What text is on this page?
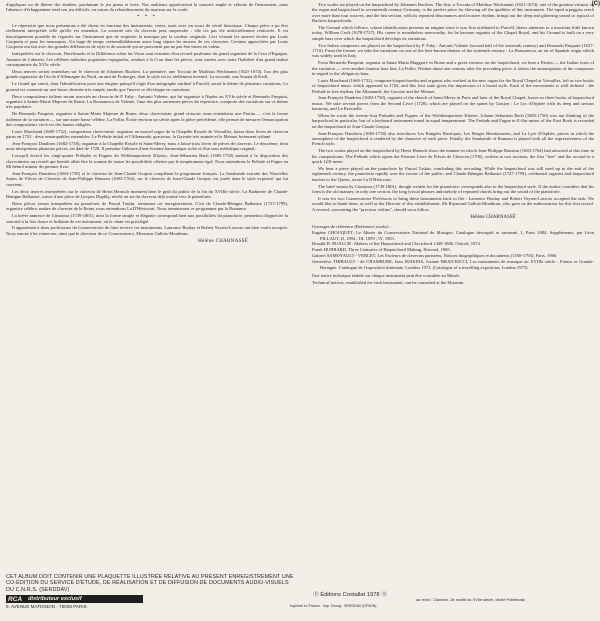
(C)

d'appliquer ou de libérer des doubles, produisant le jeu piano et forte. Nos auditeurs apprécieront la sonorité ample et véloute de l'instrument, mais l'absence d'échappement rend son jeu difficile, en raison du rebondissement du marteau sur la corde.

* * *

Le répertoire que nous présentons a été choisi en fonction des instruments, certes, mais avec un souci de vérité historique. Chaque pièce a pu être réellement interprétée telle qu'elle est entendue. La sonorité très du clavecin peut surprendre : elle n'a pas été artificiellement renforcée. Il est historiquement possible de regarder sur l'instrument que de respecter la musique par la couleur originale. Ceci s'ensuit les œuvres écrites par Louis Couperin et pour les monarques. Un large de temps vraisemblablement assez long sépare les œuvres de ces clavecins. Certains approchées par Louis Couperin ont fait avec des grandes différences de style et de sonorité qui ne pouvaient pas ne pas être mises en valeur.

Interprétées sur le clavecin, Duréfmaolo et la Différence sobre las Vacas sont extraites d'un recueil posthume du grand organiste de la Cour d'Espagne, Antonio de Cabezón. Les célèbres mélodies populaires espagnoles, rendues à la Cour dans les pièces, sont variées avec toute l'habileté d'un grand maître contrapuntiste du XVIe siècle.

Deux œuvres seront entendues sur le clavecin de Johannes Ruckers. La première, une Toccata de Matthias Weckmann (1621-1674), l'un des plus grands organistes de l'école d'Allemagne du Nord, un ami de Froberger, dont le style est ici réellement inventif. La seconde, une Sonata di Kerll.

Le Grand qui suivit, dont l'identification pose une énigme puisqu'il s'agit d'un autographe attribué à Purcell, serait le thème de plusieurs variations. Le ground est construit sur une basse obstinée très simple, tandis que l'œuvre se développe en variations.

Deux compositeurs italiens seront associés au clavecin de P. Faby : Antonio Valente, qui fut organiste à Naples au XVIe siècle et Bernardo Pasquini, organiste à Sainte-Marie Majeure de Rome. La Romanesca de Valente, l'une des plus anciennes pièces du répertoire, comporte des variations sur ce thème très populaire.

De Bernardo Pasquini, organiste à Sainte-Marie Majeure de Rome, deux claveciniste, grand virtuose, nous entendrons une Partita — c'est la forme italienne de la variation — sur une autre basse célèbre, La Follia. Écrite environ un siècle après la pièce précédente, elle permet de mesurer l'émancipation des compositeurs vis-à-vis des basses obligées.

Louis Marchand (1669-1732), compositeur claveciniste, organiste au nouvel orgue de la Chapelle Royale de Versailles, laissa deux livres de clavecin parus en 1702 : deux remarquables ensembles. Le Prélude initial et l'Allemande, gracieuse, la Gavotte très animée et le Menuet fortement rythmé.

Jean-François Dandrieu (1682-1738), organiste à la Chapelle Royale et Saint-Merry, nous a laissé trois livres de pièces de clavecin. Le deuxième, dont nous interprétons plusieurs pièces, est daté de 1728. Il présente l'alliance d'une écriture harmonique riche et d'un sens mélodique original.

Lorsqu'il écrivit les vingt-quatre Préludes et Fugues du Wohltemperierte Klavier, Jean-Sébastien Bach (1685-1750) mettait à la disposition des clavecinistes un recueil qui bientôt allait être la somme de toutes les possibilités offertes par le tempérament égal. Nous entendrons le Prélude et Fugue en Mi bémol mineur du premier livre.

Jean-François Dandrieu (1684-1738) et le clavecin de Jean-Claude Goujon complètent le programme français. La Sarabande extraite des Nouvelles Suites de Pièces de Clavecin de Jean-Philippe Rameau (1683-1764), sur le clavecin de Jean-Claude Goujon, est jouée dans le style expressif qui lui convient.

Les deux œuvres interprétées sur le clavecin de Henri Hemsch montrent bien le goût du public de la fin du XVIIIe siècle. La Badinerie de Claude-Bénigne Balbastre, suivie d'une pièce de Jacques Duphly, révèle un art du clavecin déjà tourné vers le pianoforte.

Deux pièces seront interprétées au pianoforte de Pascal Taskin, terminant cet enregistrement. C'est de Claude-Bénigne Balbastre (1727-1799), organiste célèbre, maître de clavecin de la Reine, nous entendrons La D'Héricourt. Nous terminerons ce programme par la Romance.

La brève annonce de Cimarosa (1749-1801), dont la forme simple et élégante correspond bien aux possibilités du pianoforte, permettra d'apprécier la sonorité à la fois douce et brillante de cet instrument, où le chant est privilégié.

Il appartenait à deux professeurs du Conservatoire de faire revivre ces instruments. Laurence Boulay et Robert Veyron-Lacroix ont bien voulu accepter. Nous tenons à les remercier, ainsi que le directeur de ce Conservatoire, Monsieur Gallois-Montbrun.

Hélène CHARNASSÉ

Two works are played on the harpsichord by Johannes Ruckers. The first, a Toccata of Matthias Weckmann (1621-1674), one of the greatest virtuosi on the organ and harpsichord in seventeenth century Germany, is the perfect piece for showing off the qualities of this instrument. The rapid arpeggios reach over more than four octaves, and the fast section, with its repeated dissonances and incisive rhythm, brings out the deep and glittering sound so typical of Ruckers harpsichords.

The Ground which follows, whose identification presents an enigma since it was first attributed to Purcell, draws attention to a musician little known today, William Croft (1678-1727). His career is nonetheless noteworthy, for he became organist of the Chapel Royal, and his Ground is built on a very simple bass over which the harpsichord develops its variations.

Two Italian composers are played on the harpsichord by P. Faby : Antonio Valente (second half of the sixteenth century) and Bernardo Pasquini (1637-1710). From the former, we take the variations on one of the best-known themes of the sixteenth century : La Romanesca, an air of Spanish origin which was widely used in Italy.

From Bernardo Pasquini, organist at Santa Maria Maggiore in Rome and a great virtuoso on the harpsichord, we hear a Partita — the Italian form of the variation — over another famous bass line, La Follia. Written about one century after the preceding piece, it shows the emancipation of the composers in regard to the obligatory bass.

Louis Marchand (1669-1732), composer-harpsichordist and organist who worked at the new organ for the Royal Chapel at Versailles, left us two books of harpsichord music which appeared in 1702, and this first suite gives the impression of a broad style. Each of the movements is well defined : the Prelude in free rhythm, the Allemande, the Gavotte and the Menuet.

Jean-François Dandrieu (1682-1738), organist of the church of Saint-Merry in Paris and later of the Royal Chapel, leaves us three books of harpsichord music. We take several pieces from the Second Livre (1728), which are played on the spinet by Goujon : Le Lys d'Orphée with its deep and serious harmony, and La Pastorelle.

When he wrote the twenty-four Preludes and Fugues of the Wohltemperierte Klavier, Johann Sebastian Bach (1685-1750) was not thinking of the harpsichord in particular, but of a keyboard instrument tuned in equal temperament. The Prelude and Fugue in E-flat minor of the First Book is recorded on the harpsichord of Jean-Claude Goujon.

Jean-François Dandrieu (1683-1738) also introduces Les Rangées Rustiques, Les Berges Bienfaisantes, and La Lyre d'Orphée, pieces in which the atmosphere of the harpsichord is rendered by the character of each piece. Finally, the Sarabande of Rameau is played with all the expressiveness of the French style.

The two works played on the harpsichord by Henri Hemsch show the manner in which Jean-Philippe Rameau (1683-1764) had attracted at this time in his compositions. The Prélude which opens the Premier Livre de Pièces de Clavecin (1706), written in two sections, the first "free" and the second in a quick 12/8 meter.

We hear a piece played on the pianoforte by Pascal Taskin, concluding this recording. While the harpsichord was still used up to the end of the eighteenth century, the pianoforte rapidly won the favour of the public, and Claude-Bénigne Balbastre (1727-1799), celebrated organist and harpsichord teacher to the Queen, wrote La D'Héricourt.

The brief sonata by Cimarosa (1749-1801), though written for the pianoforte, corresponds also to the harpsichord style. If the author considers that his form is the old manner, in only one section, the long lyrical phrases and melody of repeated chords bring out the sound of the pianoforte.

It was for two Conservatoire Professors to bring these instruments back to life : Laurence Boulay and Robert Veyron-Lacroix accepted the task. We would like to thank them, as well as the Director of this establishment, Mr Raymond Gallois-Montbrun, who gave us the authorization for this first record. A second, concerning the "precious violins", should soon follow.

Hélène CHARNASSÉ

Ouvrages de référence (Reference works) :

Eugène CHOUQUET: Le Musée du Conservatoire National de Musique, Catalogue descriptif et raisonné, 1, Paris 1884. Suppléments, par Léon PILLAUT, II, 1894 ; III, 1899 ; IV, 1903.

Donald H. BOALCH : Makers of the Harpsichord and Clavichord 1440-1840, Oxford, 1974.

Frank HUBBARD, Three Centuries of Harpsichord Making, Harvard, 1965.

Gabriel SAMOYAULT - VERLET, Les Facteurs de clavecins parisiens, Notices biographiques et documents (1550-1793), Paris, 1966.

Geneviève THIBAULT - de CHAMBURE, Jean JENKINS, Josiane BRAN-RICCI, Les instruments de musique au XVIIIe siècle : France et Grande-Bretagne. Catalogue de l'exposition itinérante, Londres 1973. (Catalogue of a travelling exposition, London 1973).

Une notice technique établie sur chaque instrument peut être consultée au Musée.

Technical notices, established for each instrument, can be consulted at the Museum.

CET ALBUM DOIT CONTENIR UNE PLAQUETTE ILLUSTRÉE RELATIVE AU PRÉSENT ENREGISTREMENT UNE CO-ÉDITION DU SERVICE D'ÉTUDE, DE RÉALISATION ET DE DIFFUSION DE DOCUMENTS AUDIO-VISUELS DU C.N.R.S. (SERDDAV)
RCA distributeur exclusif
9, AVENUE MATIGNON - 75008 PARIS
Ⓟ Éditions Costallat 1978 Ⓢ
Imprimé en France - Imp. Georg - SERDDAV (ORION)
au recto : Clavecin, 2e moitié du XVIIe siècle, cliché Publimusic
